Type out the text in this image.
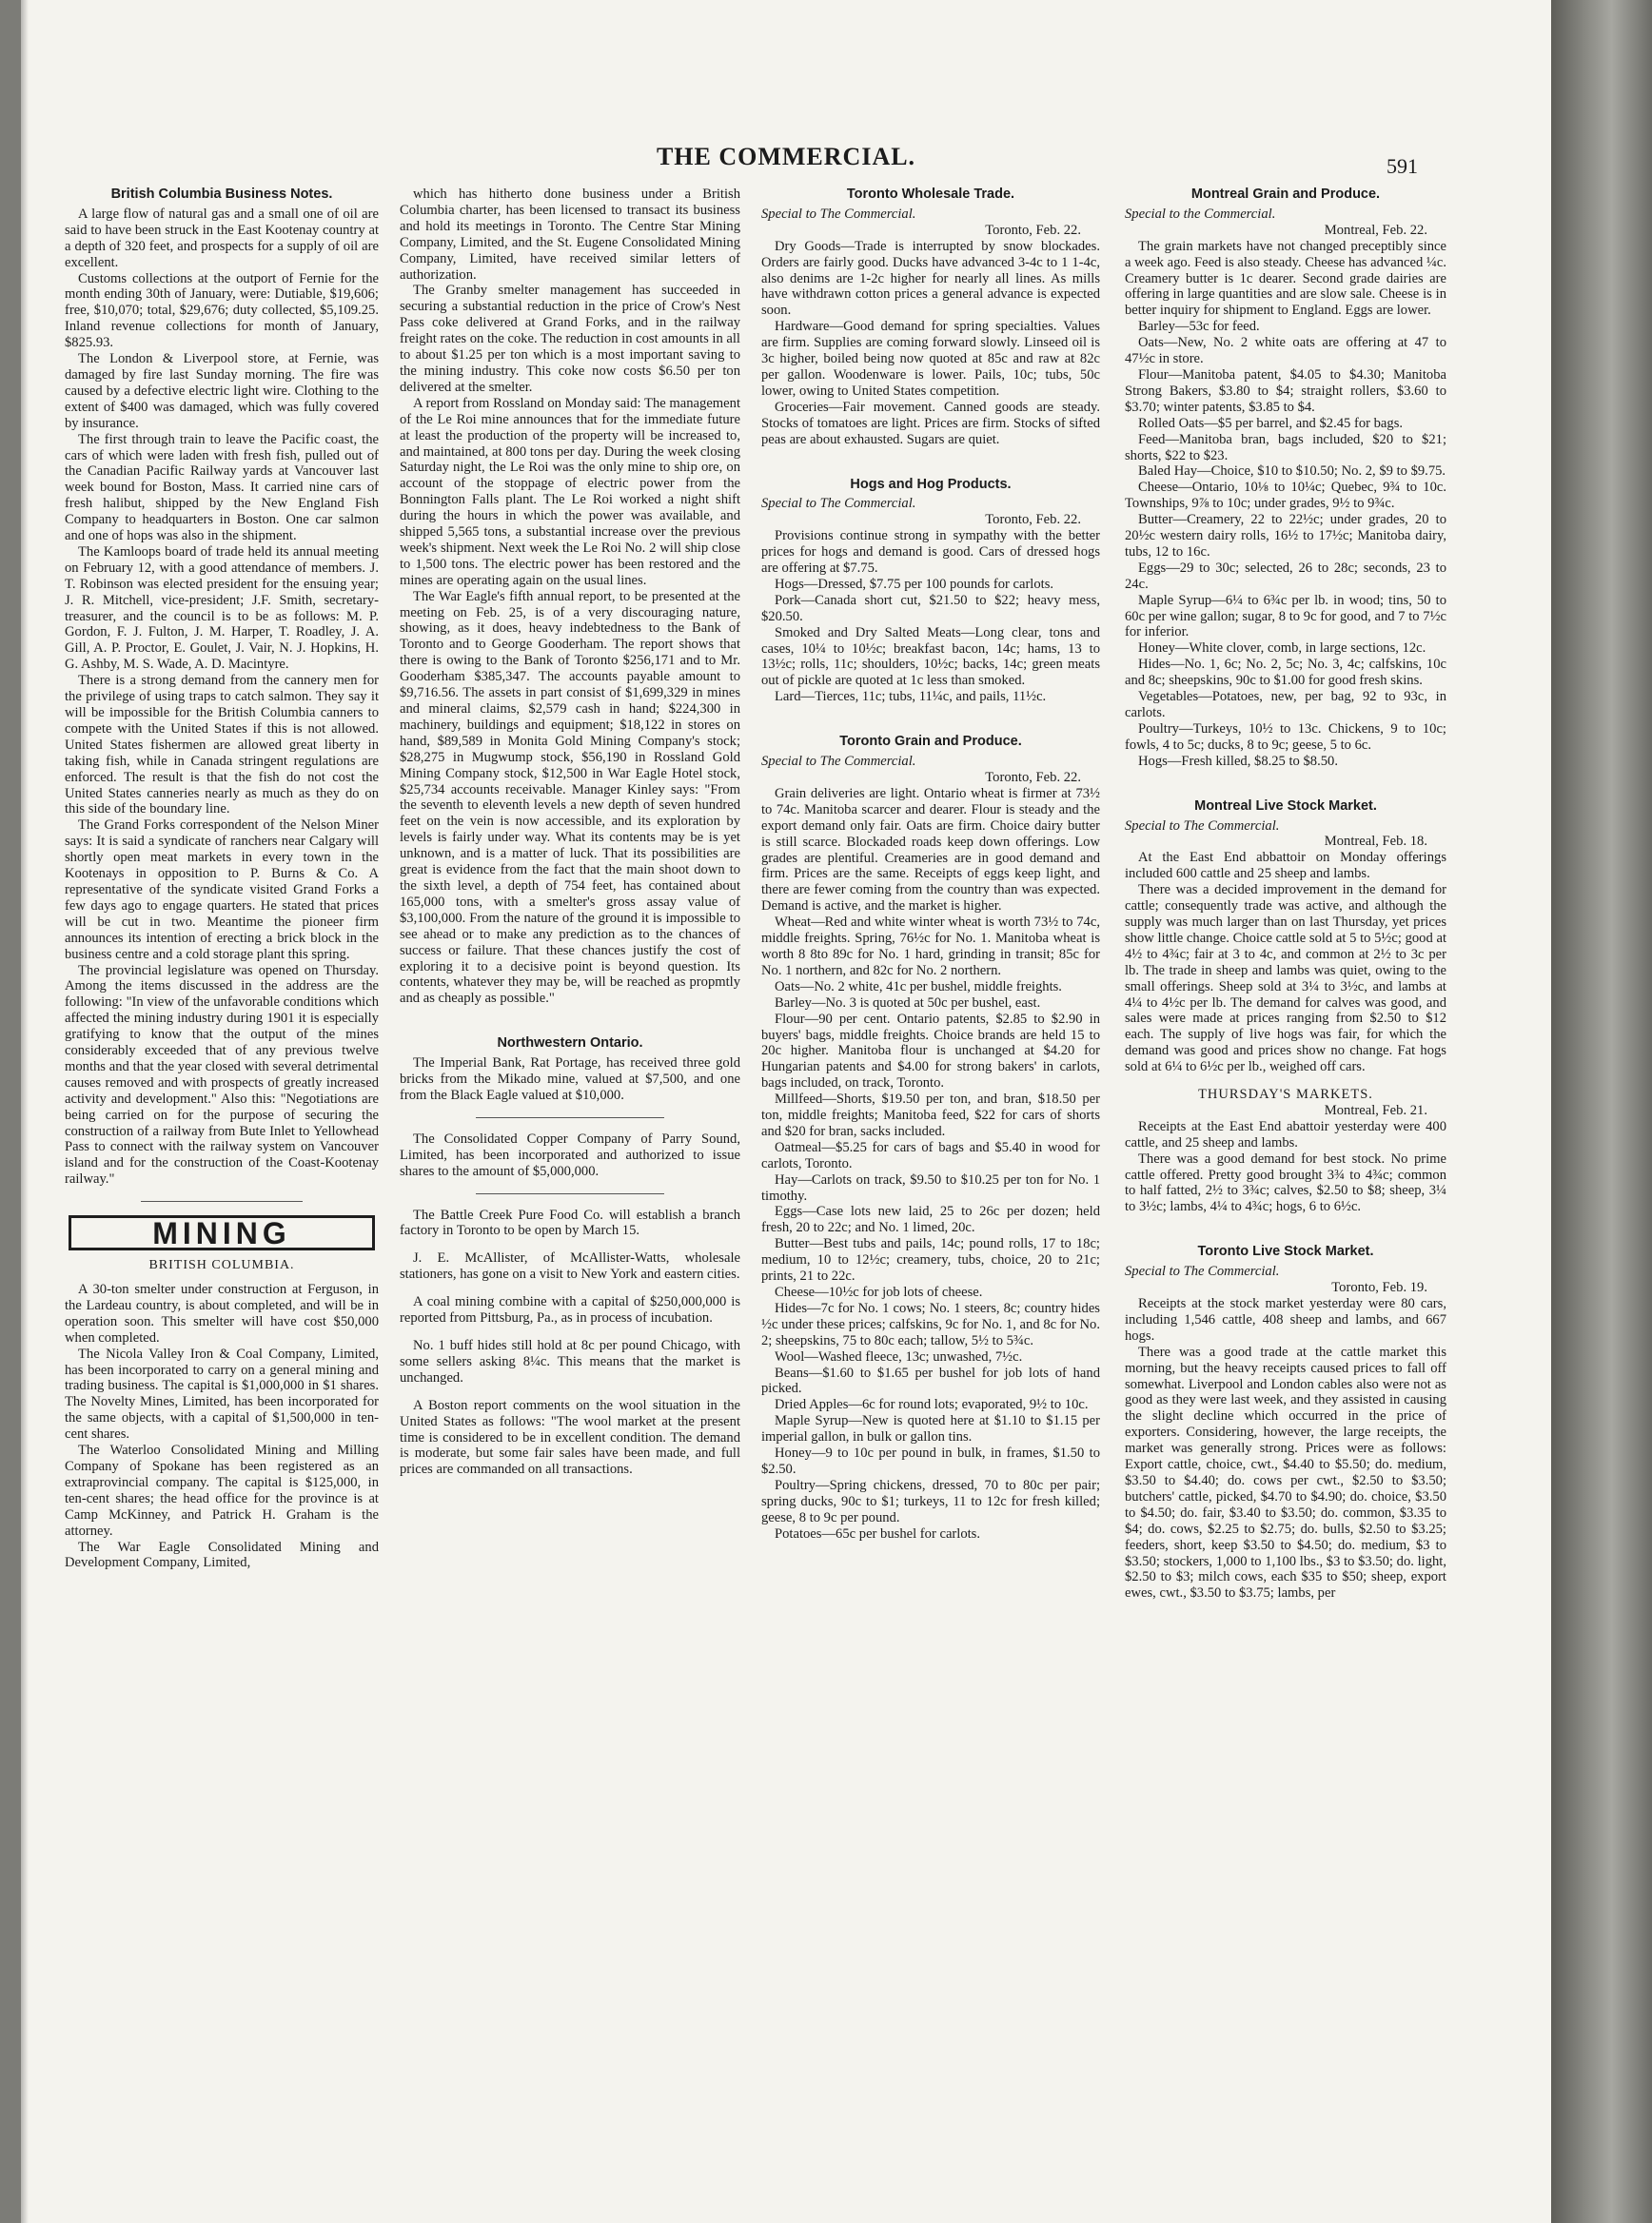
THE COMMERCIAL.	591
British Columbia Business Notes.

A large flow of natural gas and a small one of oil are said to have been struck in the East Kootenay country at a depth of 320 feet, and prospects for a supply of oil are excellent.

Customs collections at the outport of Fernie for the month ending 30th of January, were: Dutiable, $19,606; free, $10,070; total, $29,676; duty collected, $5,109.25. Inland revenue collections for month of January, $825.93.

The London & Liverpool store, at Fernie, was damaged by fire last Sunday morning. The fire was caused by a defective electric light wire. Clothing to the extent of $400 was damaged, which was fully covered by insurance.

The first through train to leave the Pacific coast, the cars of which were laden with fresh fish, pulled out of the Canadian Pacific Railway yards at Vancouver last week bound for Boston, Mass. It carried nine cars of fresh halibut, shipped by the New England Fish Company to headquarters in Boston. One car salmon and one of hops was also in the shipment.

The Kamloops board of trade held its annual meeting on February 12, with a good attendance of members. J. T. Robinson was elected president for the ensuing year; J. R. Mitchell, vice-president; J.F. Smith, secretary-treasurer, and the council is to be as follows: M. P. Gordon, F. J. Fulton, J. M. Harper, T. Roadley, J. A. Gill, A. P. Proctor, E. Goulet, J. Vair, N. J. Hopkins, H. G. Ashby, M. S. Wade, A. D. Macintyre.

There is a strong demand from the cannery men for the privilege of using traps to catch salmon. They say it will be impossible for the British Columbia canners to compete with the United States if this is not allowed. United States fishermen are allowed great liberty in taking fish, while in Canada stringent regulations are enforced. The result is that the fish do not cost the United States canneries nearly as much as they do on this side of the boundary line.

The Grand Forks correspondent of the Nelson Miner says: It is said a syndicate of ranchers near Calgary will shortly open meat markets in every town in the Kootenays in opposition to P. Burns & Co. A representative of the syndicate visited Grand Forks a few days ago to engage quarters. He stated that prices will be cut in two. Meantime the pioneer firm announces its intention of erecting a brick block in the business centre and a cold storage plant this spring.

The provincial legislature was opened on Thursday. Among the items discussed in the address are the following: "In view of the unfavorable conditions which affected the mining industry during 1901 it is especially gratifying to know that the output of the mines considerably exceeded that of any previous twelve months and that the year closed with several detrimental causes removed and with prospects of greatly increased activity and development." Also this: "Negotiations are being carried on for the purpose of securing the construction of a railway from Bute Inlet to Yellowhead Pass to connect with the railway system on Vancouver island and for the construction of the Coast-Kootenay railway."

MINING
BRITISH COLUMBIA.

A 30-ton smelter under construction at Ferguson, in the Lardeau country, is about completed, and will be in operation soon. This smelter will have cost $50,000 when completed.

The Nicola Valley Iron & Coal Company, Limited, has been incorporated to carry on a general mining and trading business. The capital is $1,000,000 in $1 shares. The Novelty Mines, Limited, has been incorporated for the same objects, with a capital of $1,500,000 in ten-cent shares.

The Waterloo Consolidated Mining and Milling Company of Spokane has been registered as an extraprovincial company. The capital is $125,000, in ten-cent shares; the head office for the province is at Camp McKinney, and Patrick H. Graham is the attorney.

The War Eagle Consolidated Mining and Development Company, Limited,

which has hitherto done business under a British Columbia charter, has been licensed to transact its business and hold its meetings in Toronto. The Centre Star Mining Company, Limited, and the St. Eugene Consolidated Mining Company, Limited, have received similar letters of authorization.

The Granby smelter management has succeeded in securing a substantial reduction in the price of Crow's Nest Pass coke delivered at Grand Forks, and in the railway freight rates on the coke. The reduction in cost amounts in all to about $1.25 per ton which is a most important saving to the mining industry. This coke now costs $6.50 per ton delivered at the smelter.

A report from Rossland on Monday said: The management of the Le Roi mine announces that for the immediate future at least the production of the property will be increased to, and maintained, at 800 tons per day. During the week closing Saturday night, the Le Roi was the only mine to ship ore, on account of the stoppage of electric power from the Bonnington Falls plant. The Le Roi worked a night shift during the hours in which the power was available, and shipped 5,565 tons, a substantial increase over the previous week's shipment. Next week the Le Roi No. 2 will ship close to 1,500 tons. The electric power has been restored and the mines are operating again on the usual lines.

The War Eagle's fifth annual report, to be presented at the meeting on Feb. 25, is of a very discouraging nature, showing, as it does, heavy indebtedness to the Bank of Toronto and to George Gooderham. The report shows that there is owing to the Bank of Toronto $256,171 and to Mr. Gooderham $385,347. The accounts payable amount to $9,716.56. The assets in part consist of $1,699,329 in mines and mineral claims, $2,579 cash in hand; $224,300 in machinery, buildings and equipment; $18,122 in stores on hand, $89,589 in Monita Gold Mining Company's stock; $28,275 in Mugwump stock, $56,190 in Rossland Gold Mining Company stock, $12,500 in War Eagle Hotel stock, $25,734 accounts receivable. Manager Kinley says: "From the seventh to eleventh levels a new depth of seven hundred feet on the vein is now accessible, and its exploration by levels is fairly under way. What its contents may be is yet unknown, and is a matter of luck. That its possibilities are great is evidence from the fact that the main shoot down to the sixth level, a depth of 754 feet, has contained about 165,000 tons, with a smelter's gross assay value of $3,100,000. From the nature of the ground it is impossible to see ahead or to make any prediction as to the chances of success or failure. That these chances justify the cost of exploring it to a decisive point is beyond question. Its contents, whatever they may be, will be reached as propmtly and as cheaply as possible."

Northwestern Ontario.

The Imperial Bank, Rat Portage, has received three gold bricks from the Mikado mine, valued at $7,500, and one from the Black Eagle valued at $10,000.

The Consolidated Copper Company of Parry Sound, Limited, has been incorporated and authorized to issue shares to the amount of $5,000,000.

The Battle Creek Pure Food Co. will establish a branch factory in Toronto to be open by March 15.

J. E. McAllister, of McAllister-Watts, wholesale stationers, has gone on a visit to New York and eastern cities.

A coal mining combine with a capital of $250,000,000 is reported from Pittsburg, Pa., as in process of incubation.

No. 1 buff hides still hold at 8c per pound Chicago, with some sellers asking 8¼c. This means that the market is unchanged.

A Boston report comments on the wool situation in the United States as follows: "The wool market at the present time is considered to be in excellent condition. The demand is moderate, but some fair sales have been made, and full prices are commanded on all transactions.

Toronto Wholesale Trade.

Special to The Commercial.

Toronto, Feb. 22.

Dry Goods—Trade is interrupted by snow blockades. Orders are fairly good. Ducks have advanced 3-4c to 1 1-4c, also denims are 1-2c higher for nearly all lines. As mills have withdrawn cotton prices a general advance is expected soon.

Hardware—Good demand for spring specialties. Values are firm. Supplies are coming forward slowly. Linseed oil is 3c higher, boiled being now quoted at 85c and raw at 82c per gallon. Woodenware is lower. Pails, 10c; tubs, 50c lower, owing to United States competition.

Groceries—Fair movement. Canned goods are steady. Stocks of tomatoes are light. Prices are firm. Stocks of sifted peas are about exhausted. Sugars are quiet.

Hogs and Hog Products.

Special to The Commercial.

Toronto, Feb. 22.

Provisions continue strong in sympathy with the better prices for hogs and demand is good. Cars of dressed hogs are offering at $7.75.

Hogs—Dressed, $7.75 per 100 pounds for carlots.

Pork—Canada short cut, $21.50 to $22; heavy mess, $20.50.

Smoked and Dry Salted Meats—Long clear, tons and cases, 10¼ to 10½c; breakfast bacon, 14c; hams, 13 to 13½c; rolls, 11c; shoulders, 10½c; backs, 14c; green meats out of pickle are quoted at 1c less than smoked.

Lard—Tierces, 11c; tubs, 11¼c, and pails, 11½c.

Toronto Grain and Produce.

Special to The Commercial.

Toronto, Feb. 22.

Grain deliveries are light. Ontario wheat is firmer at 73½ to 74c. Manitoba scarcer and dearer. Flour is steady and the export demand only fair. Oats are firm. Choice dairy butter is still scarce. Blockaded roads keep down offerings. Low grades are plentiful. Creameries are in good demand and firm. Prices are the same. Receipts of eggs keep light, and there are fewer coming from the country than was expected. Demand is active, and the market is higher.

Wheat—Red and white winter wheat is worth 73½ to 74c, middle freights. Spring, 76½c for No. 1. Manitoba wheat is worth 8 8to 89c for No. 1 hard, grinding in transit; 85c for No. 1 northern, and 82c for No. 2 northern.

Oats—No. 2 white, 41c per bushel, middle freights.

Barley—No. 3 is quoted at 50c per bushel, east.

Flour—90 per cent. Ontario patents, $2.85 to $2.90 in buyers' bags, middle freights. Choice brands are held 15 to 20c higher. Manitoba flour is unchanged at $4.20 for Hungarian patents and $4.00 for strong bakers' in carlots, bags included, on track, Toronto.

Millfeed—Shorts, $19.50 per ton, and bran, $18.50 per ton, middle freights; Manitoba feed, $22 for cars of shorts and $20 for bran, sacks included.

Oatmeal—$5.25 for cars of bags and $5.40 in wood for carlots, Toronto.

Hay—Carlots on track, $9.50 to $10.25 per ton for No. 1 timothy.

Eggs—Case lots new laid, 25 to 26c per dozen; held fresh, 20 to 22c; and No. 1 limed, 20c.

Butter—Best tubs and pails, 14c; pound rolls, 17 to 18c; medium, 10 to 12½c; creamery, tubs, choice, 20 to 21c; prints, 21 to 22c.

Cheese—10½c for job lots of cheese.

Hides—7c for No. 1 cows; No. 1 steers, 8c; country hides ½c under these prices; calfskins, 9c for No. 1, and 8c for No. 2; sheepskins, 75 to 80c each; tallow, 5½ to 5¾c.

Wool—Washed fleece, 13c; unwashed, 7½c.

Beans—$1.60 to $1.65 per bushel for job lots of hand picked.

Dried Apples—6c for round lots; evaporated, 9½ to 10c.

Maple Syrup—New is quoted here at $1.10 to $1.15 per imperial gallon, in bulk or gallon tins.

Honey—9 to 10c per pound in bulk, in frames, $1.50 to $2.50.

Poultry—Spring chickens, dressed, 70 to 80c per pair; spring ducks, 90c to $1; turkeys, 11 to 12c for fresh killed; geese, 8 to 9c per pound.

Potatoes—65c per bushel for carlots.

Montreal Grain and Produce.

Special to the Commercial.

Montreal, Feb. 22.

The grain markets have not changed preceptibly since a week ago. Feed is also steady. Cheese has advanced ¼c. Creamery butter is 1c dearer. Second grade dairies are offering in large quantities and are slow sale. Cheese is in better inquiry for shipment to England. Eggs are lower.

Barley—53c for feed.

Oats—New, No. 2 white oats are offering at 47 to 47½c in store.

Flour—Manitoba patent, $4.05 to $4.30; Manitoba Strong Bakers, $3.80 to $4; straight rollers, $3.60 to $3.70; winter patents, $3.85 to $4.

Rolled Oats—$5 per barrel, and $2.45 for bags.

Feed—Manitoba bran, bags included, $20 to $21; shorts, $22 to $23.

Baled Hay—Choice, $10 to $10.50; No. 2, $9 to $9.75.

Cheese—Ontario, 10⅛ to 10¼c; Quebec, 9¾ to 10c. Townships, 9⅞ to 10c; under grades, 9½ to 9¾c.

Butter—Creamery, 22 to 22½c; under grades, 20 to 20½c western dairy rolls, 16½ to 17½c; Manitoba dairy, tubs, 12 to 16c.

Eggs—29 to 30c; selected, 26 to 28c; seconds, 23 to 24c.

Maple Syrup—6¼ to 6¾c per lb. in wood; tins, 50 to 60c per wine gallon; sugar, 8 to 9c for good, and 7 to 7½c for inferior.

Honey—White clover, comb, in large sections, 12c.

Hides—No. 1, 6c; No. 2, 5c; No. 3, 4c; calfskins, 10c and 8c; sheepskins, 90c to $1.00 for good fresh skins.

Vegetables—Potatoes, new, per bag, 92 to 93c, in carlots.

Poultry—Turkeys, 10½ to 13c. Chickens, 9 to 10c; fowls, 4 to 5c; ducks, 8 to 9c; geese, 5 to 6c.

Hogs—Fresh killed, $8.25 to $8.50.

Montreal Live Stock Market.

Special to The Commercial.

Montreal, Feb. 18.

At the East End abbattoir on Monday offerings included 600 cattle and 25 sheep and lambs.

There was a decided improvement in the demand for cattle; consequently trade was active, and although the supply was much larger than on last Thursday, yet prices show little change. Choice cattle sold at 5 to 5½c; good at 4½ to 4¾c; fair at 3 to 4c, and common at 2½ to 3c per lb. The trade in sheep and lambs was quiet, owing to the small offerings. Sheep sold at 3¼ to 3½c, and lambs at 4¼ to 4½c per lb. The demand for calves was good, and sales were made at prices ranging from $2.50 to $12 each. The supply of live hogs was fair, for which the demand was good and prices show no change. Fat hogs sold at 6¼ to 6½c per lb., weighed off cars.

THURSDAY'S MARKETS.

Montreal, Feb. 21.

Receipts at the East End abattoir yesterday were 400 cattle, and 25 sheep and lambs.

There was a good demand for best stock. No prime cattle offered. Pretty good brought 3¾ to 4¾c; common to half fatted, 2½ to 3¾c; calves, $2.50 to $8; sheep, 3¼ to 3½c; lambs, 4¼ to 4¾c; hogs, 6 to 6½c.

Toronto Live Stock Market.

Special to The Commercial.

Toronto, Feb. 19.

Receipts at the stock market yesterday were 80 cars, including 1,546 cattle, 408 sheep and lambs, and 667 hogs.

There was a good trade at the cattle market this morning, but the heavy receipts caused prices to fall off somewhat. Liverpool and London cables also were not as good as they were last week, and they assisted in causing the slight decline which occurred in the price of exporters. Considering, however, the large receipts, the market was generally strong. Prices were as follows: Export cattle, choice, cwt., $4.40 to $5.50; do. medium, $3.50 to $4.40; do. cows per cwt., $2.50 to $3.50; butchers' cattle, picked, $4.70 to $4.90; do. choice, $3.50 to $4.50; do. fair, $3.40 to $3.50; do. common, $3.35 to $4; do. cows, $2.25 to $2.75; do. bulls, $2.50 to $3.25; feeders, short, keep $3.50 to $4.50; do. medium, $3 to $3.50; stockers, 1,000 to 1,100 lbs., $3 to $3.50; do. light, $2.50 to $3; milch cows, each $35 to $50; sheep, export ewes, cwt., $3.50 to $3.75; lambs, per
